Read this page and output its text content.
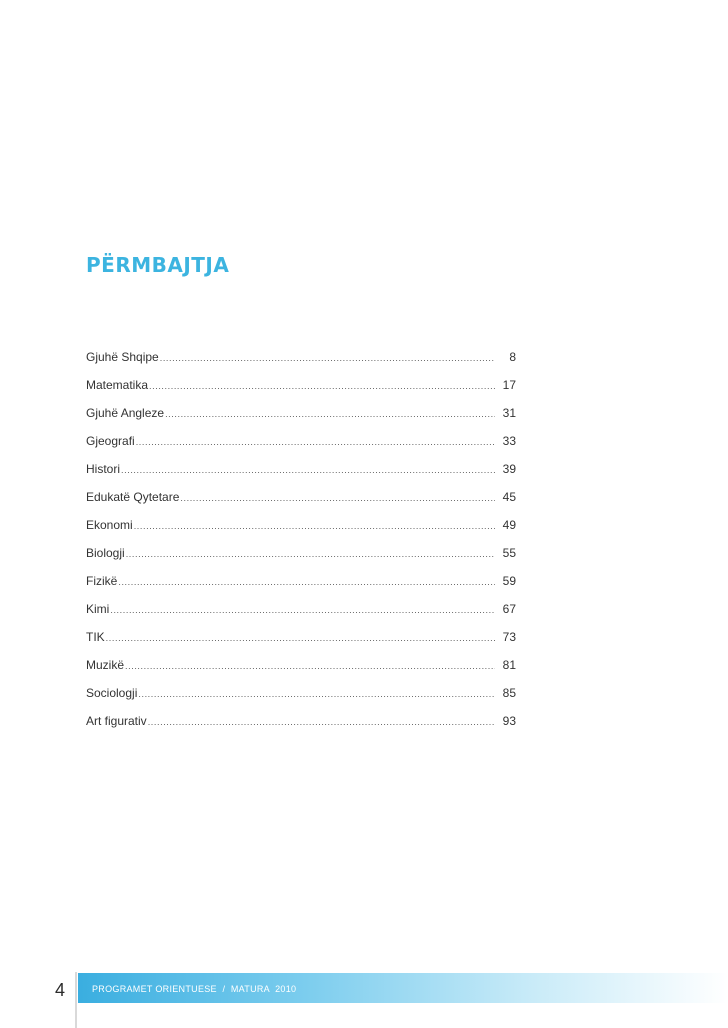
PËRMBAJTJA
Gjuhë Shqipe .....	8
Matematika .....	17
Gjuhë Angleze .....	31
Gjeografi .....	33
Histori .....	39
Edukatë Qytetare .....	45
Ekonomi .....	49
Biologji .....	55
Fizikë .....	59
Kimi .....	67
TIK .....	73
Muzikë .....	81
Sociologji .....	85
Art figurativ .....	93
PROGRAMET ORIENTUESE  /  MATURA  2010
4
